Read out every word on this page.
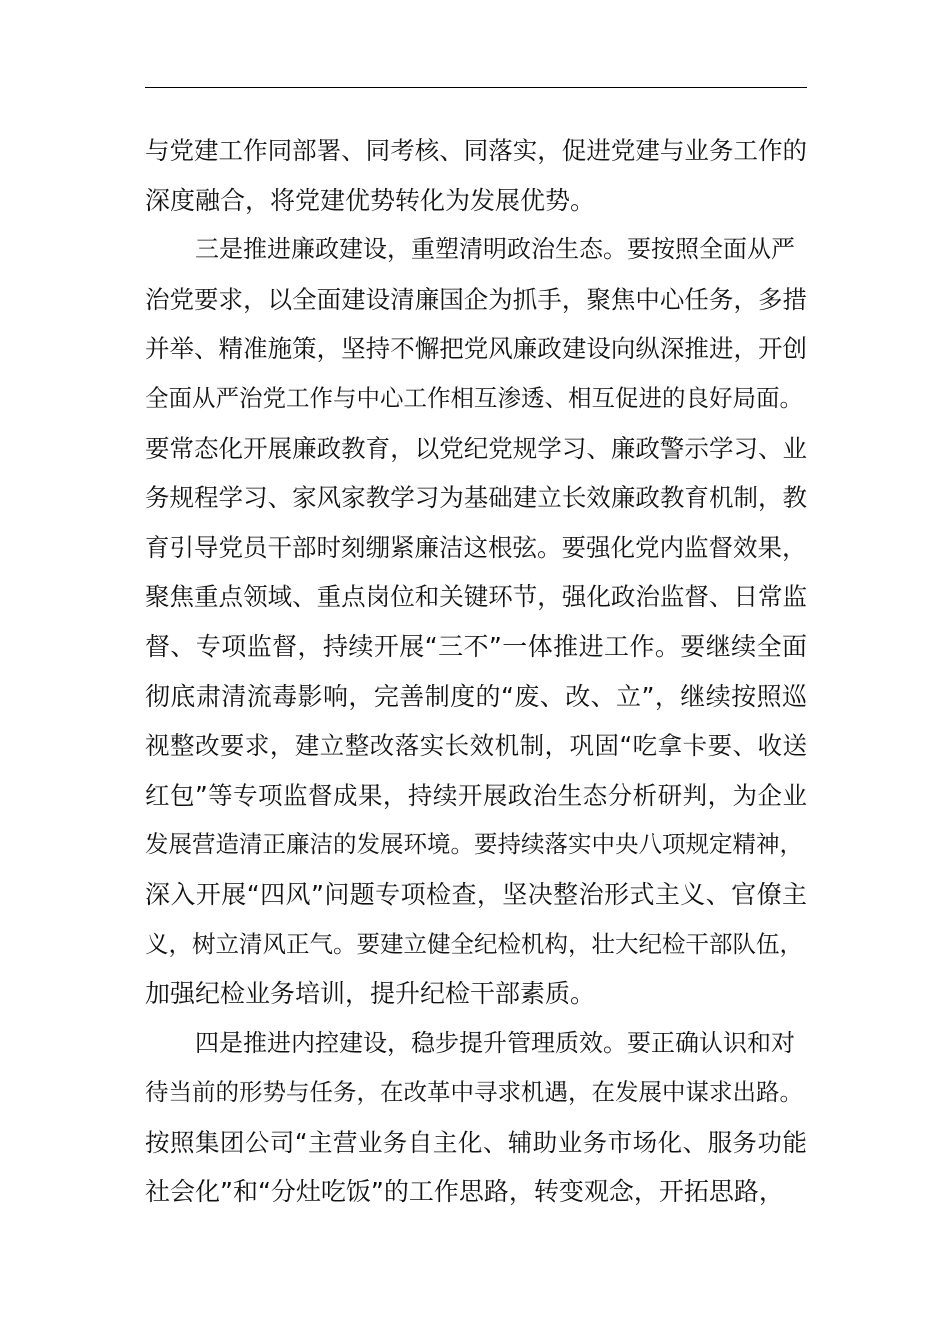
与党建工作同部署、同考核、同落实，促进党建与业务工作的
深度融合，将党建优势转化为发展优势。
三是推进廉政建设，重塑清明政治生态。要按照全面从严
治党要求，以全面建设清廉国企为抓手，聚焦中心任务，多措
并举、精准施策，坚持不懈把党风廉政建设向纵深推进，开创
全面从严治党工作与中心工作相互渗透、相互促进的良好局面。
要常态化开展廉政教育，以党纪党规学习、廉政警示学习、业
务规程学习、家风家教学习为基础建立长效廉政教育机制，教
育引导党员干部时刻绷紧廉洁这根弦。要强化党内监督效果，
聚焦重点领域、重点岗位和关键环节，强化政治监督、日常监
督、专项监督，持续开展“三不”一体推进工作。要继续全面
彻底肃清流毒影响，完善制度的“废、改、立”，继续按照巡
视整改要求，建立整改落实长效机制，巩固“吃拿卡要、收送
红包”等专项监督成果，持续开展政治生态分析研判，为企业
发展营造清正廉洁的发展环境。要持续落实中央八项规定精神，
深入开展“四风”问题专项检查，坚决整治形式主义、官僚主
义，树立清风正气。要建立健全纪检机构，壮大纪检干部队伍，
加强纪检业务培训，提升纪检干部素质。
四是推进内控建设，稳步提升管理质效。要正确认识和对
待当前的形势与任务，在改革中寻求机遇，在发展中谋求出路。
按照集团公司“主营业务自主化、辅助业务市场化、服务功能
社会化”和“分灶吃饭”的工作思路，转变观念，开拓思路，
